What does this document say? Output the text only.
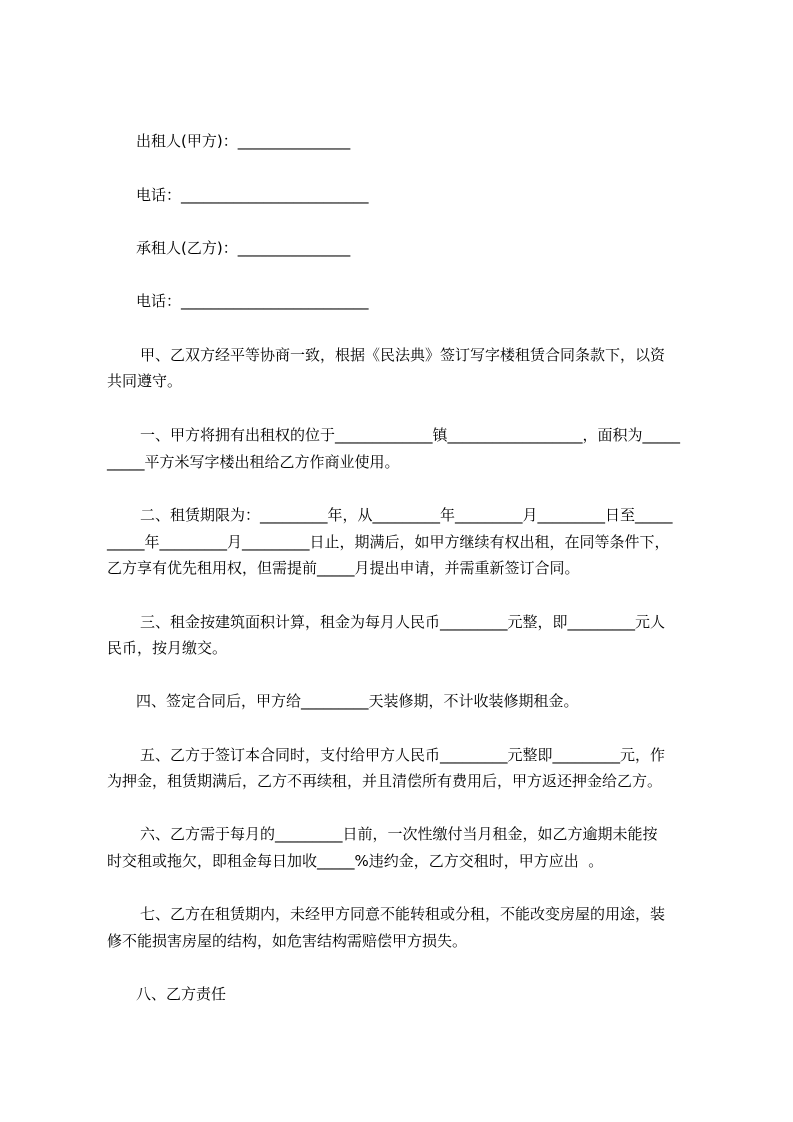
出租人(甲方)：_______________

电话：_________________________

承租人(乙方)：_______________

电话：_________________________

甲、乙双方经平等协商一致，根据《民法典》签订写字楼租赁合同条款下，以资

共同遵守。

一、甲方将拥有出租权的位于_____________镇__________________，面积为_____

_____平方米写字楼出租给乙方作商业使用。

二、租赁期限为：_________年，从_________年_________月_________日至_____

_____年_________月_________日止，期满后，如甲方继续有权出租，在同等条件下，

乙方享有优先租用权，但需提前_____月提出申请，并需重新签订合同。

三、租金按建筑面积计算，租金为每月人民币_________元整，即_________元人

民币，按月缴交。

四、签定合同后，甲方给_________天装修期，不计收装修期租金。

五、乙方于签订本合同时，支付给甲方人民币_________元整即_________元，作

为押金，租赁期满后，乙方不再续租，并且清偿所有费用后，甲方返还押金给乙方。

六、乙方需于每月的_________日前，一次性缴付当月租金，如乙方逾期未能按

时交租或拖欠，即租金每日加收_____%违约金，乙方交租时，甲方应出  。

七、乙方在租赁期内，未经甲方同意不能转租或分租，不能改变房屋的用途，装

修不能损害房屋的结构，如危害结构需赔偿甲方损失。

八、乙方责任
